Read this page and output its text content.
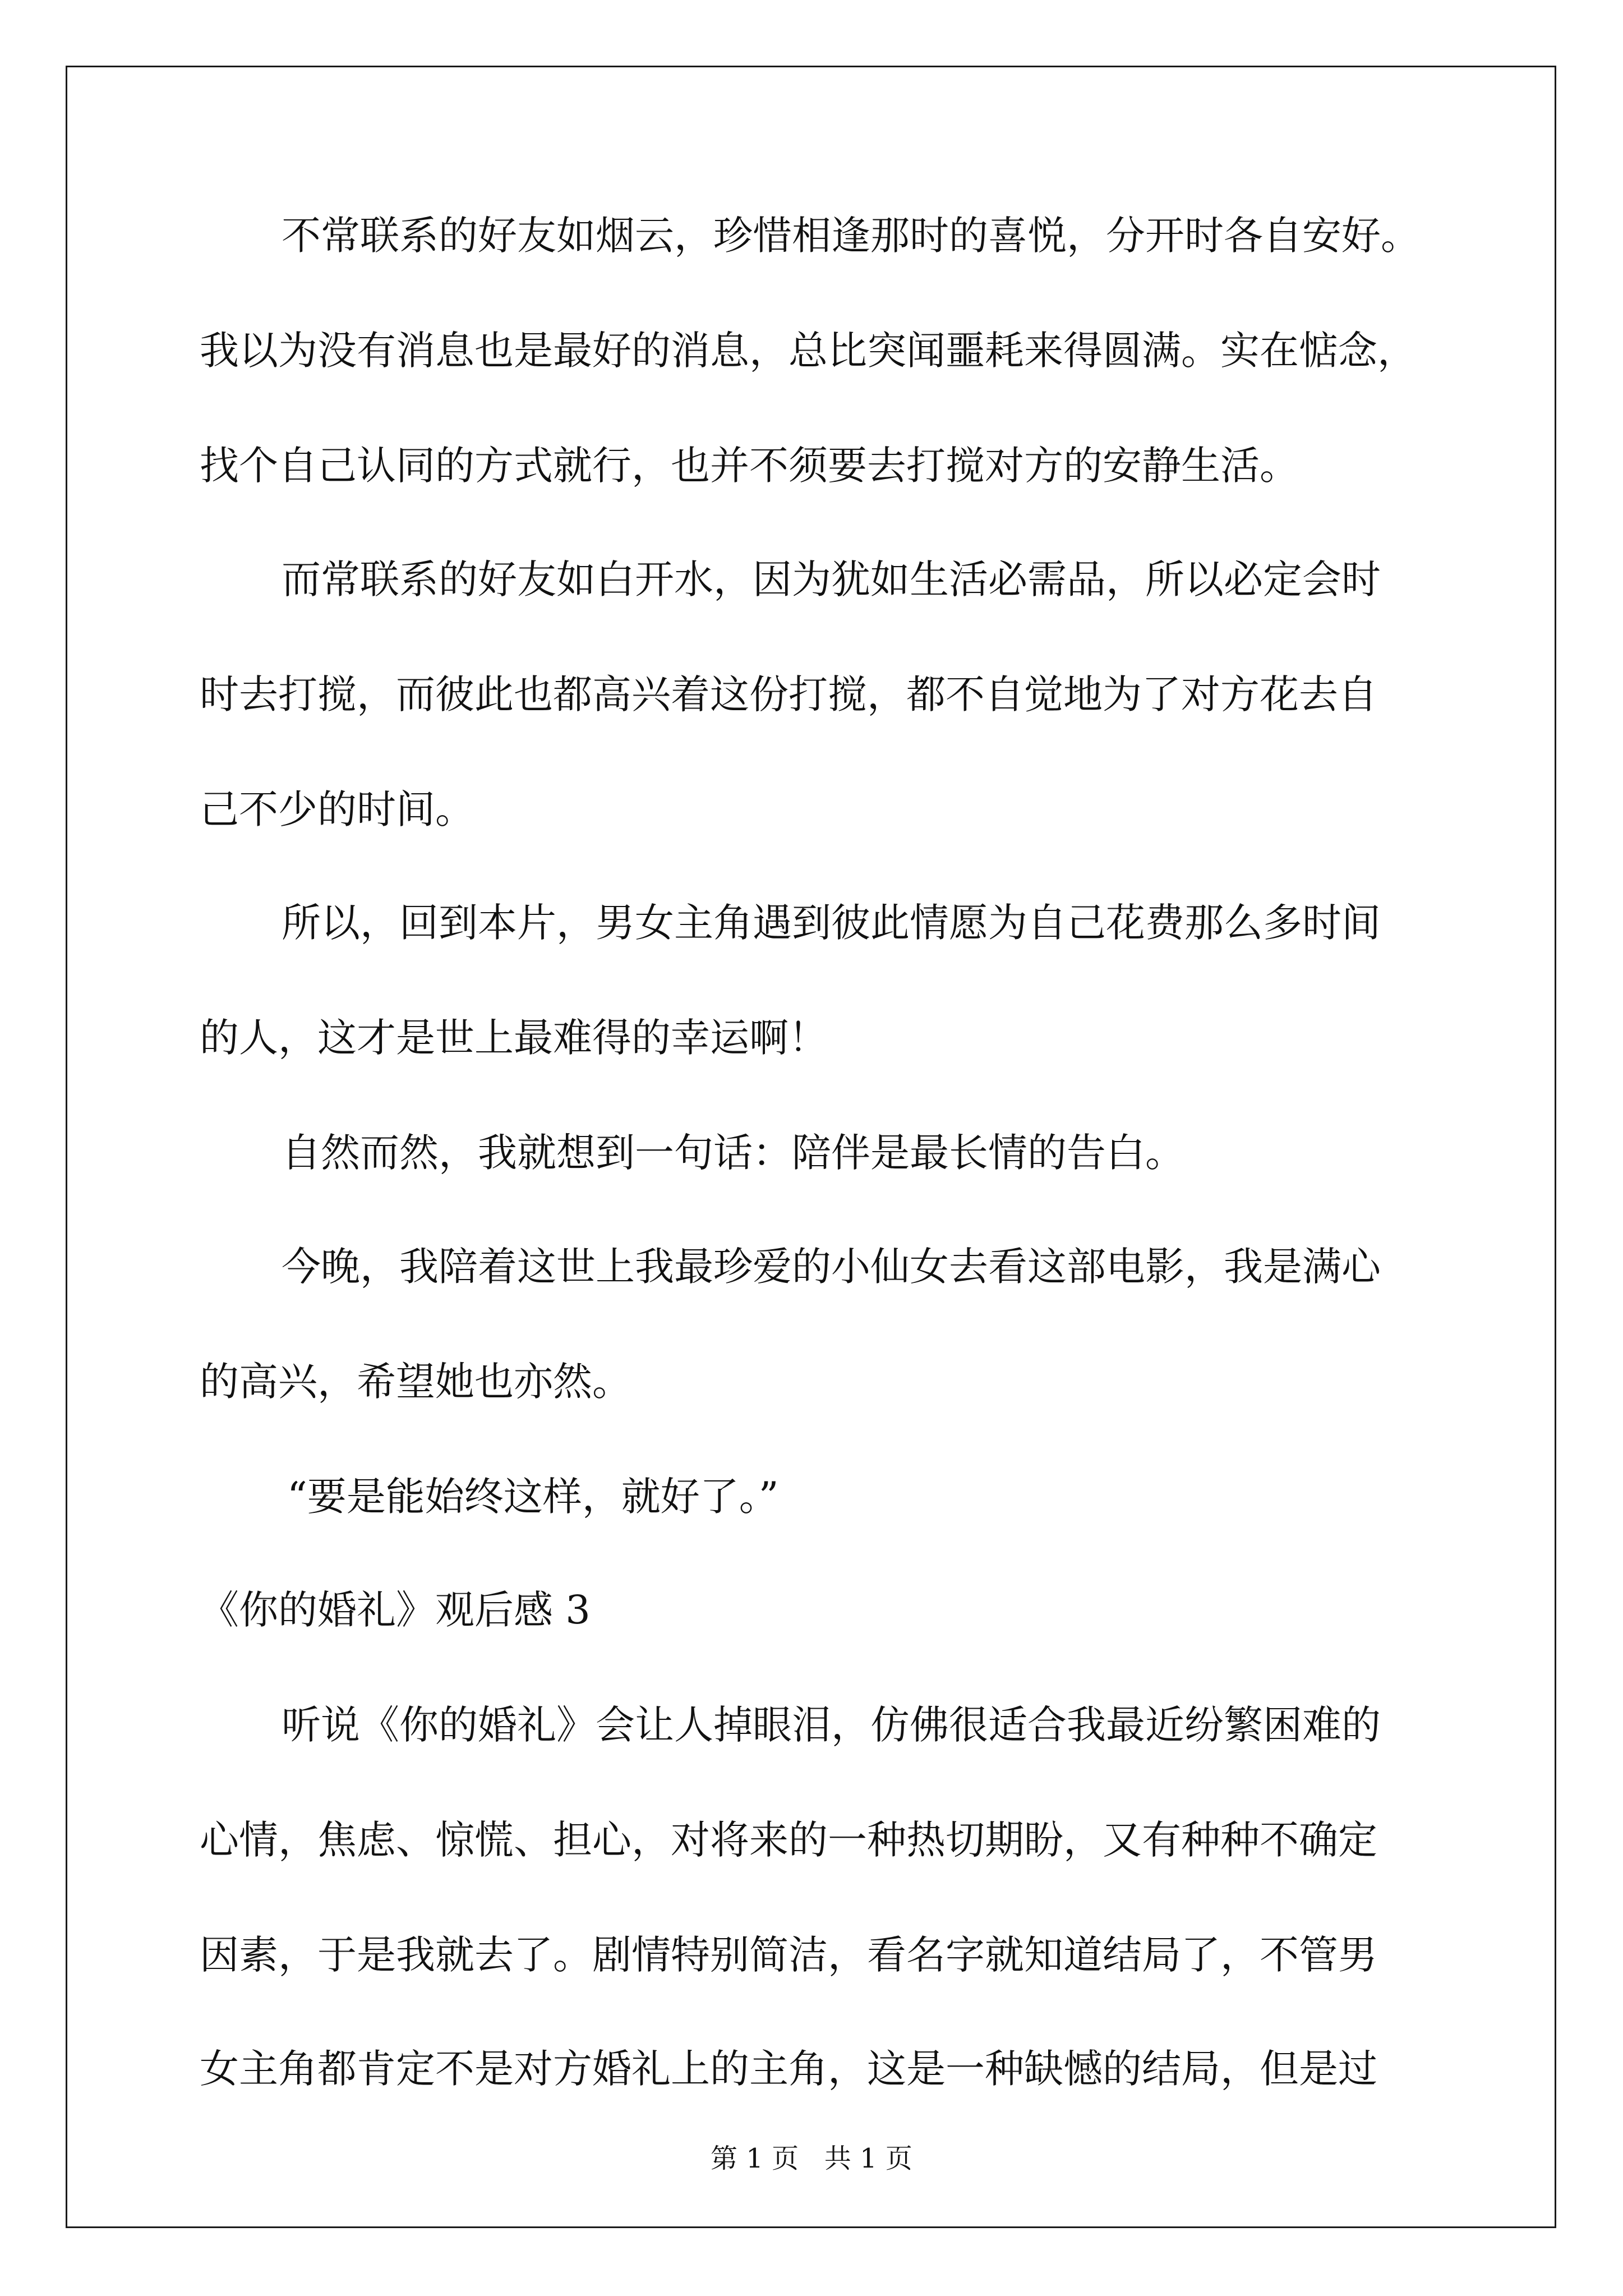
不常联系的好友如烟云，珍惜相逢那时的喜悦，分开时各自安好。

我以为没有消息也是最好的消息，总比突闻噩耗来得圆满。实在惦念，

找个自己认同的方式就行，也并不须要去打搅对方的安静生活。

而常联系的好友如白开水，因为犹如生活必需品，所以必定会时

时去打搅，而彼此也都高兴着这份打搅，都不自觉地为了对方花去自

己不少的时间。

所以，回到本片，男女主角遇到彼此情愿为自己花费那么多时间

的人，这才是世上最难得的幸运啊！

自然而然，我就想到一句话：陪伴是最长情的告白。

今晚，我陪着这世上我最珍爱的小仙女去看这部电影，我是满心

的高兴，希望她也亦然。

“要是能始终这样，就好了。”

《你的婚礼》观后感 3

听说《你的婚礼》会让人掉眼泪，仿佛很适合我最近纷繁困难的

心情，焦虑、惊慌、担心，对将来的一种热切期盼，又有种种不确定

因素，于是我就去了。剧情特别简洁，看名字就知道结局了，不管男

女主角都肯定不是对方婚礼上的主角，这是一种缺憾的结局，但是过

第 1 页   共 1 页
